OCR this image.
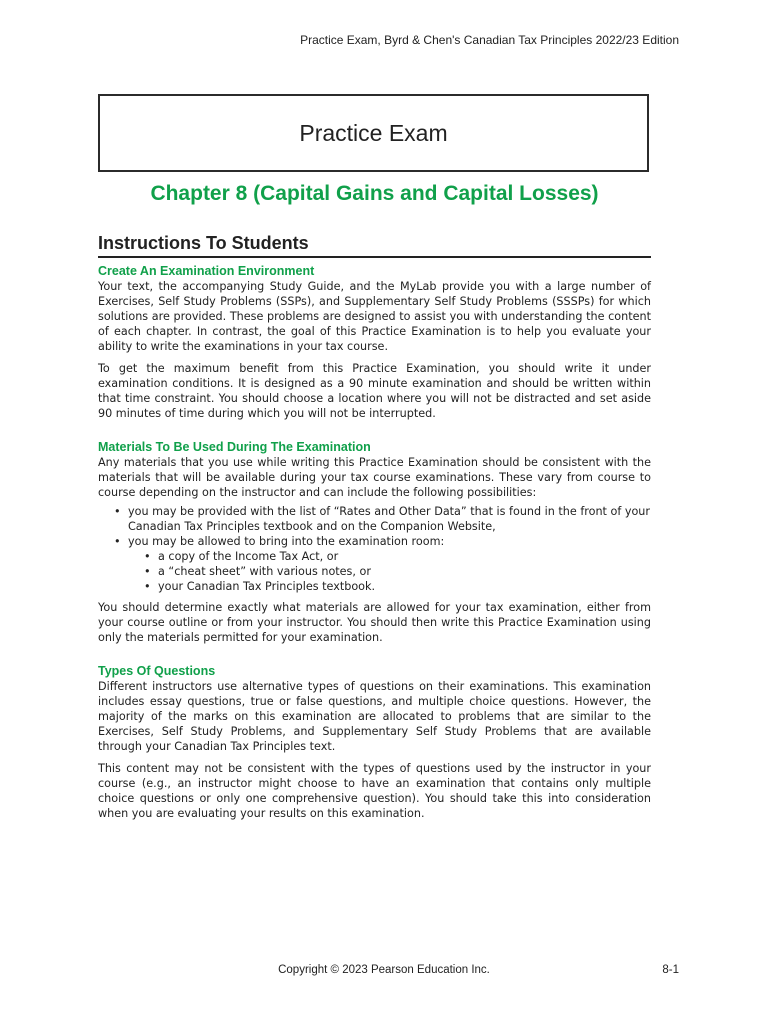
Practice Exam, Byrd & Chen's Canadian Tax Principles 2022/23 Edition
Practice Exam
Chapter 8 (Capital Gains and Capital Losses)
Instructions To Students
Create An Examination Environment

Your text, the accompanying Study Guide, and the MyLab provide you with a large number of Exercises, Self Study Problems (SSPs), and Supplementary Self Study Problems (SSSPs) for which solutions are provided. These problems are designed to assist you with understanding the content of each chapter. In contrast, the goal of this Practice Examination is to help you evaluate your ability to write the examinations in your tax course.

To get the maximum benefit from this Practice Examination, you should write it under examination conditions. It is designed as a 90 minute examination and should be written within that time constraint. You should choose a location where you will not be distracted and set aside 90 minutes of time during which you will not be interrupted.

Materials To Be Used During The Examination

Any materials that you use while writing this Practice Examination should be consistent with the materials that will be available during your tax course examinations. These vary from course to course depending on the instructor and can include the following possibilities:

• you may be provided with the list of “Rates and Other Data” that is found in the front of your Canadian Tax Principles textbook and on the Companion Website,
• you may be allowed to bring into the examination room:
• a copy of the Income Tax Act, or
• a “cheat sheet” with various notes, or
• your Canadian Tax Principles textbook.

You should determine exactly what materials are allowed for your tax examination, either from your course outline or from your instructor. You should then write this Practice Examination using only the materials permitted for your examination.

Types Of Questions

Different instructors use alternative types of questions on their examinations. This examination includes essay questions, true or false questions, and multiple choice questions. However, the majority of the marks on this examination are allocated to problems that are similar to the Exercises, Self Study Problems, and Supplementary Self Study Problems that are available through your Canadian Tax Principles text.

This content may not be consistent with the types of questions used by the instructor in your course (e.g., an instructor might choose to have an examination that contains only multiple choice questions or only one comprehensive question). You should take this into consideration when you are evaluating your results on this examination.

Copyright © 2023 Pearson Education Inc.	8-1
